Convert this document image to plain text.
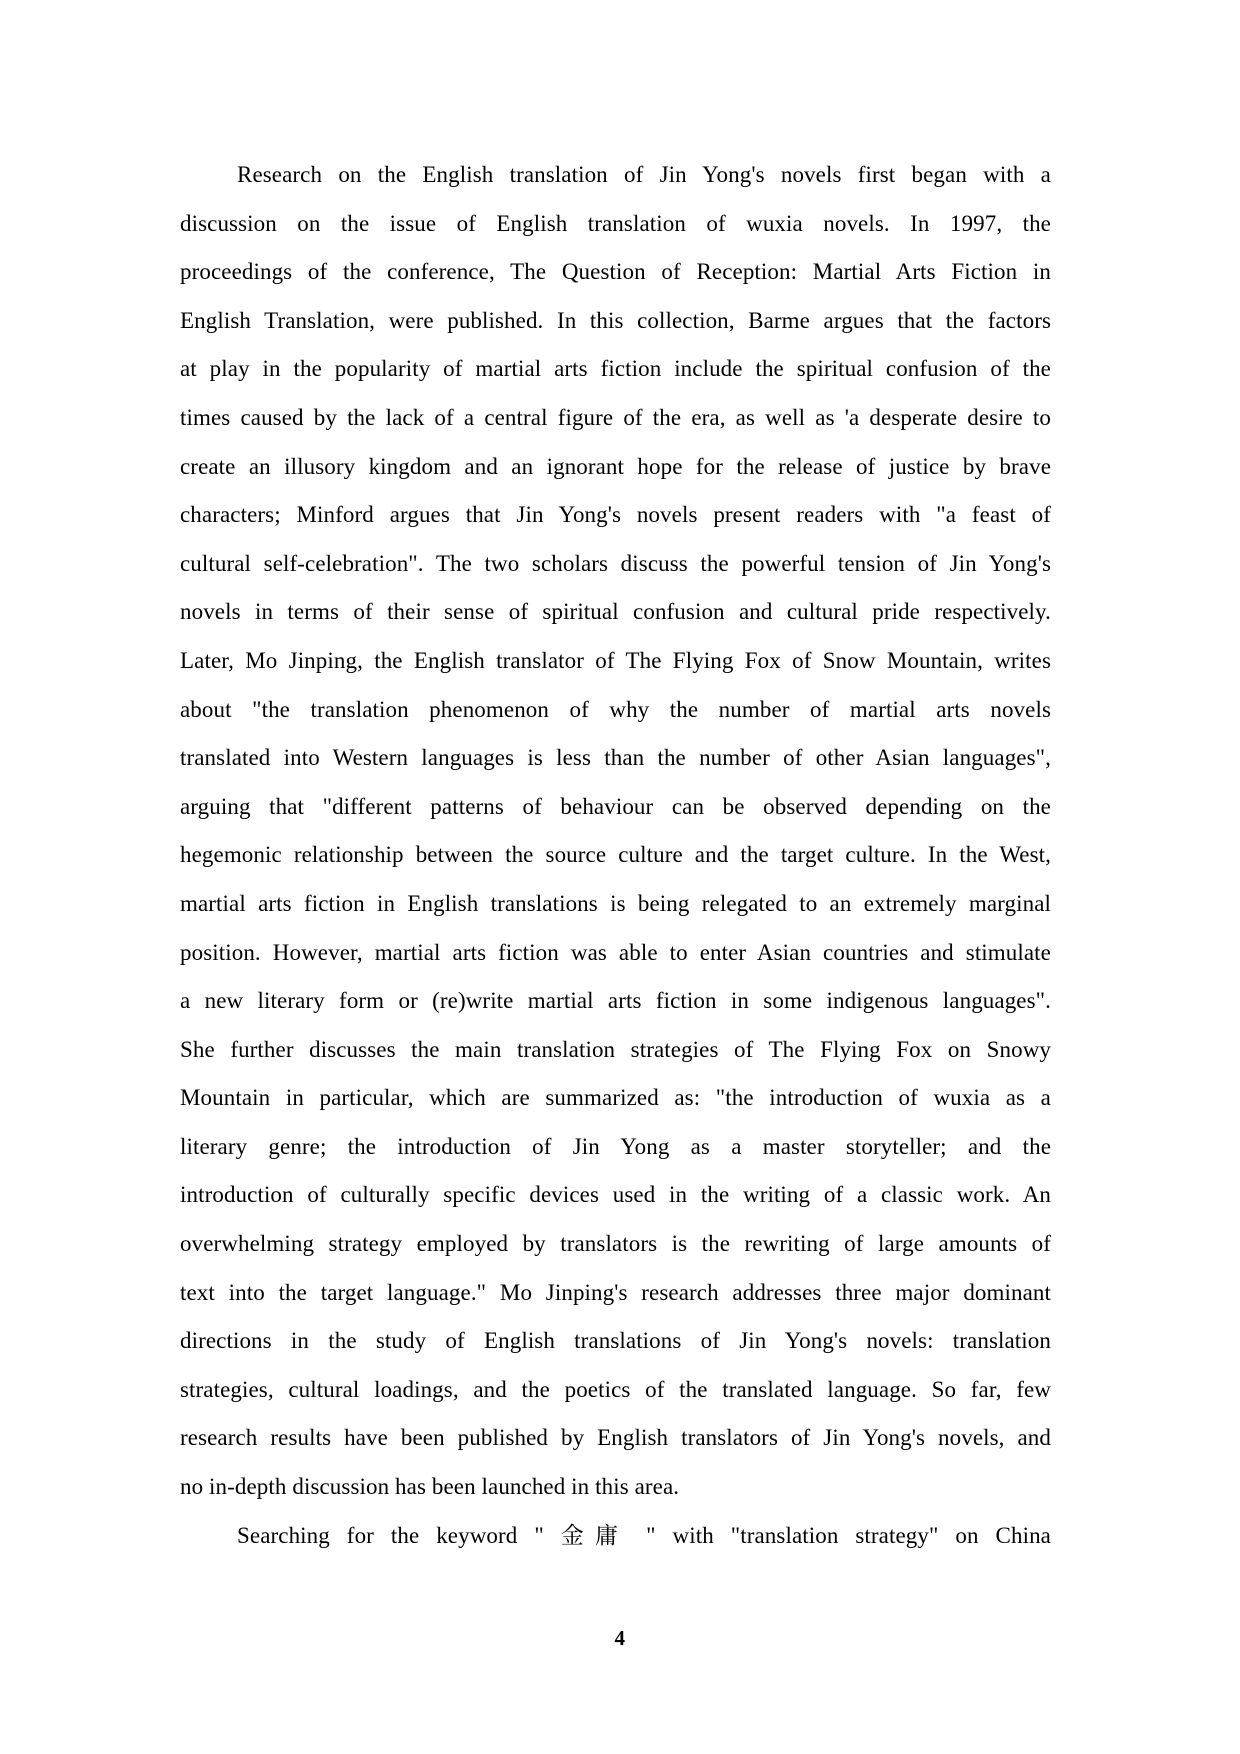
Research on the English translation of Jin Yong's novels first began with a
discussion on the issue of English translation of wuxia novels. In 1997, the
proceedings of the conference, The Question of Reception: Martial Arts Fiction in
English Translation, were published. In this collection, Barme argues that the factors
at play in the popularity of martial arts fiction include the spiritual confusion of the
times caused by the lack of a central figure of the era, as well as 'a desperate desire to
create an illusory kingdom and an ignorant hope for the release of justice by brave
characters; Minford argues that Jin Yong's novels present readers with "a feast of
cultural self-celebration". The two scholars discuss the powerful tension of Jin Yong's
novels in terms of their sense of spiritual confusion and cultural pride respectively.
Later, Mo Jinping, the English translator of The Flying Fox of Snow Mountain, writes
about "the translation phenomenon of why the number of martial arts novels
translated into Western languages is less than the number of other Asian languages",
arguing that "different patterns of behaviour can be observed depending on the
hegemonic relationship between the source culture and the target culture. In the West,
martial arts fiction in English translations is being relegated to an extremely marginal
position. However, martial arts fiction was able to enter Asian countries and stimulate
a new literary form or (re)write martial arts fiction in some indigenous languages".
She further discusses the main translation strategies of The Flying Fox on Snowy
Mountain in particular, which are summarized as: "the introduction of wuxia as a
literary genre; the introduction of Jin Yong as a master storyteller; and the
introduction of culturally specific devices used in the writing of a classic work. An
overwhelming strategy employed by translators is the rewriting of large amounts of
text into the target language." Mo Jinping's research addresses three major dominant
directions in the study of English translations of Jin Yong's novels: translation
strategies, cultural loadings, and the poetics of the translated language. So far, few
research results have been published by English translators of Jin Yong's novels, and
no in-depth discussion has been launched in this area.
Searching for the keyword " 金庸 " with "translation strategy" on China
4
